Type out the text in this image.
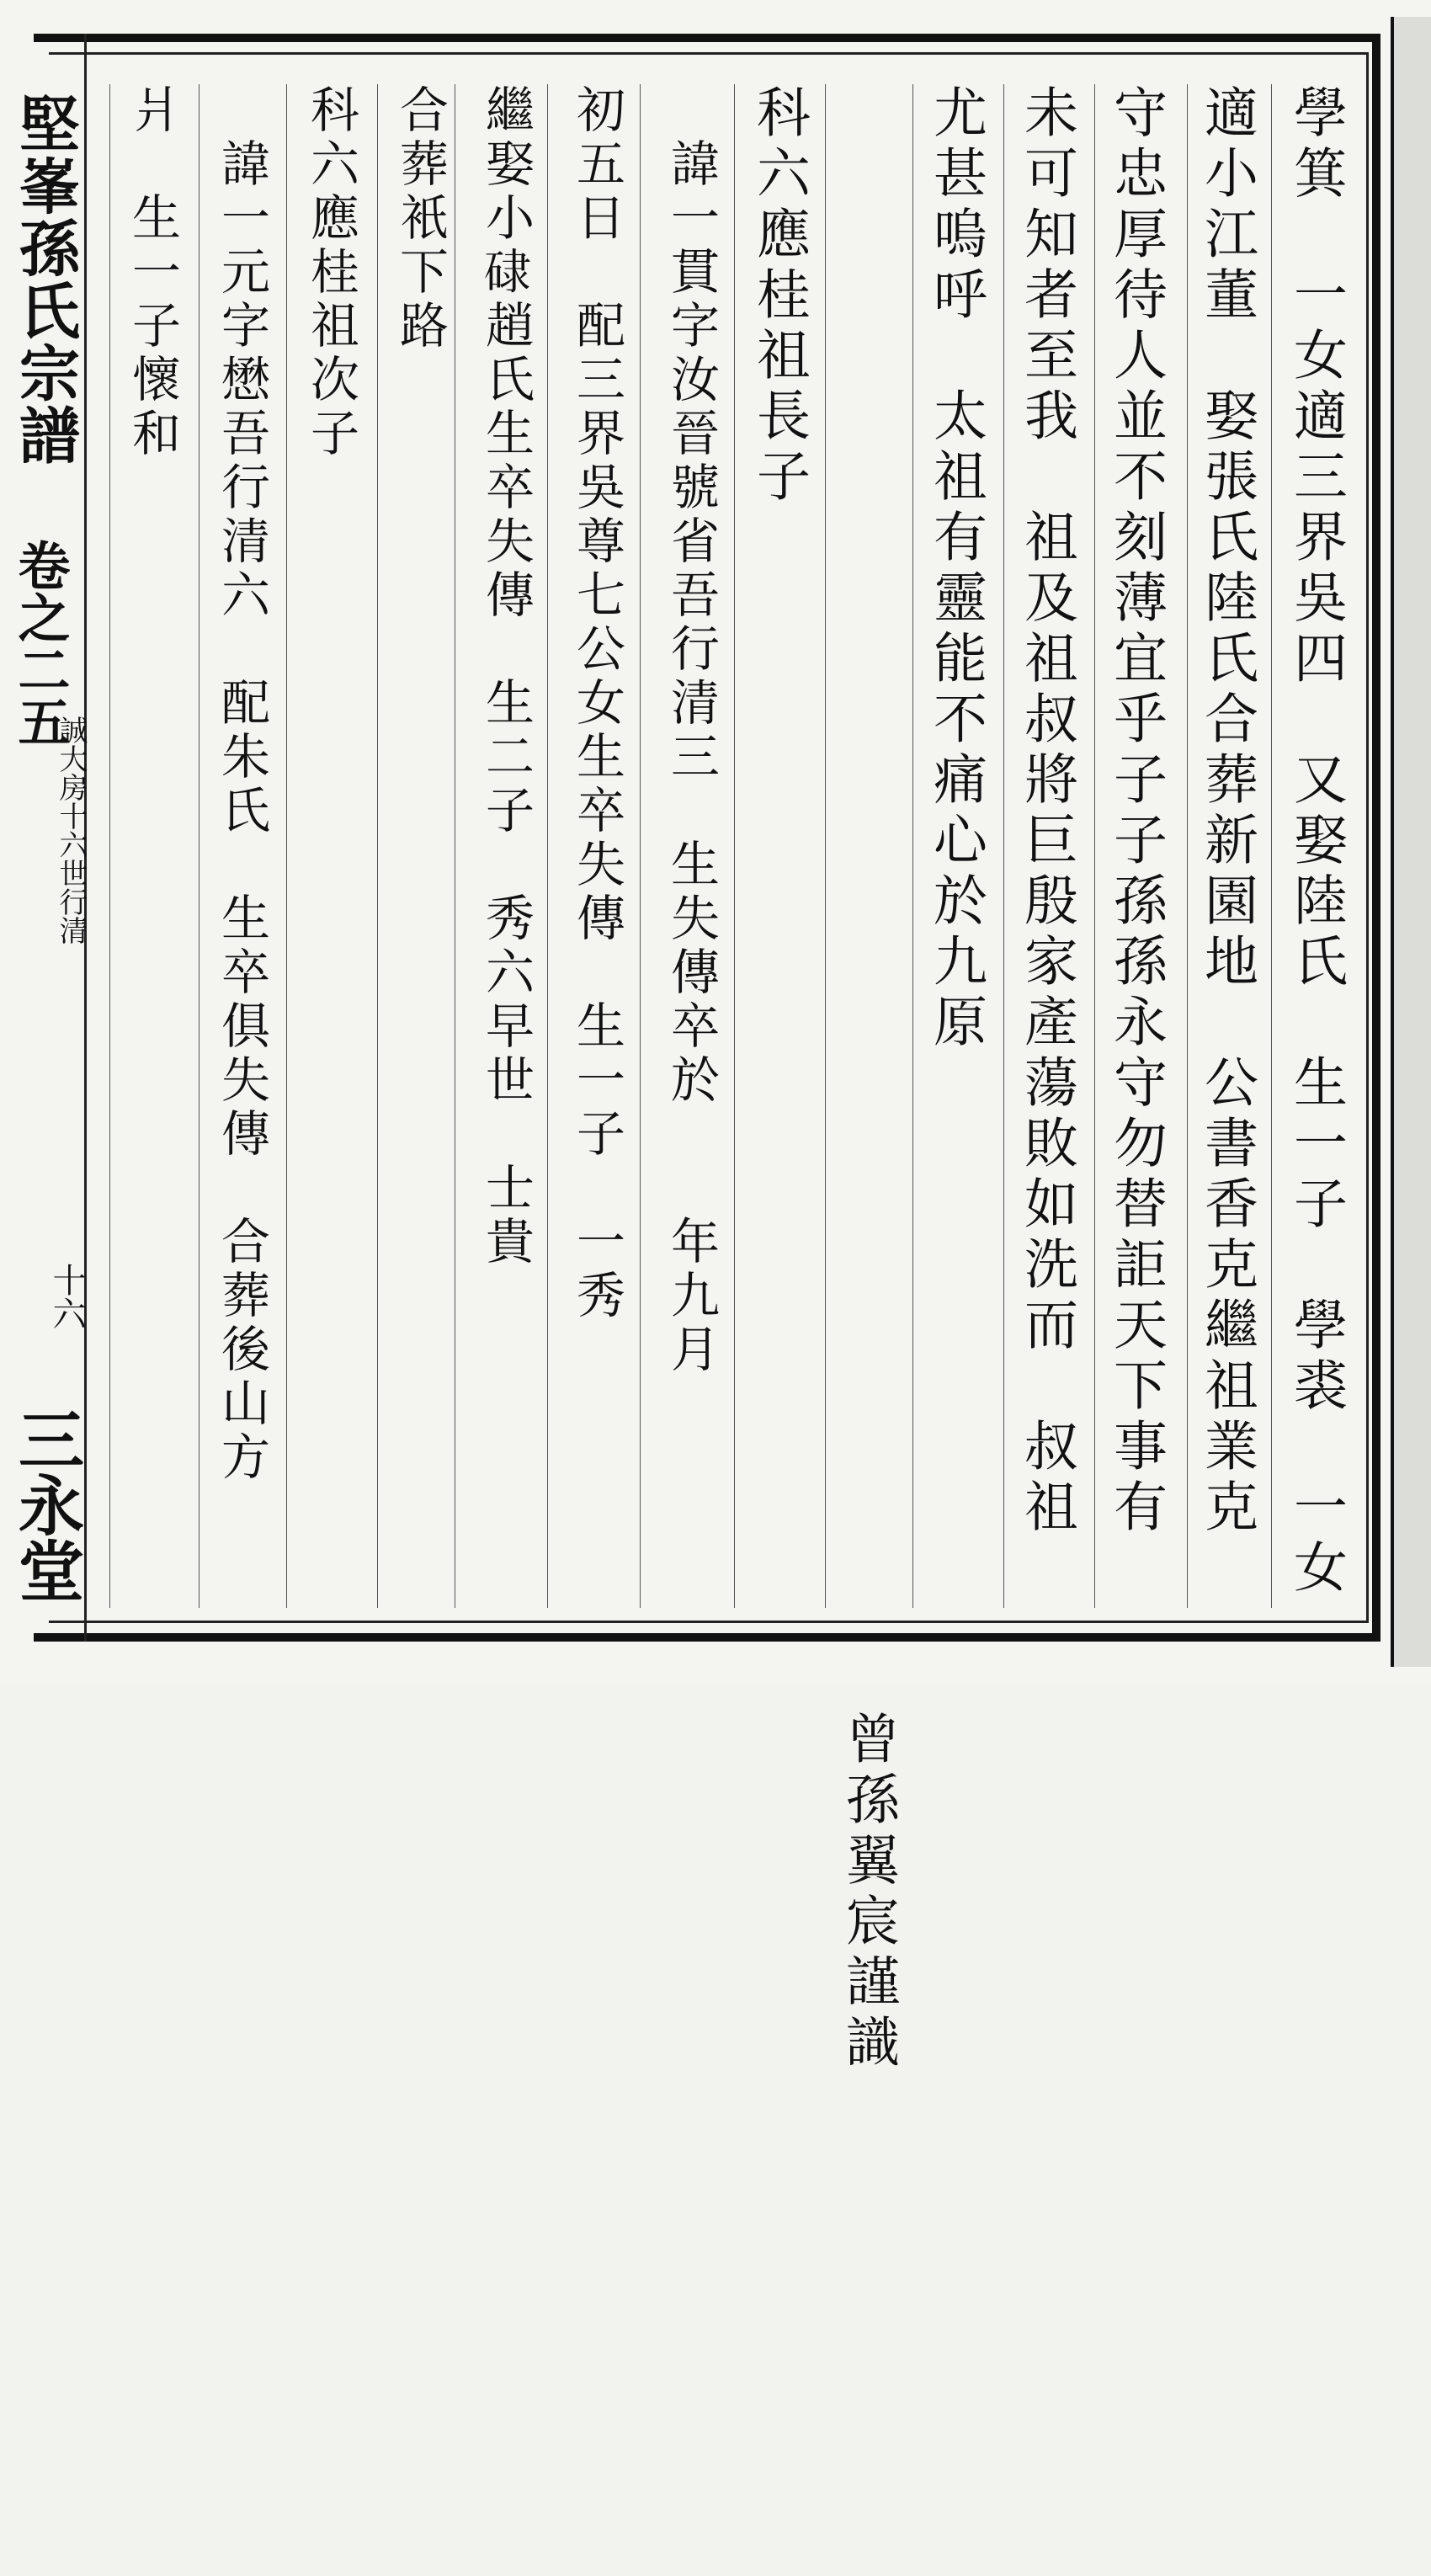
堅峯孫氏宗譜
卷之二五
誠大房十六世行清
十六
三永堂	學箕　一女適三界吳四　又娶陸氏　生一子　學裘　一女
適小江董　娶張氏陸氏合葬新園地　公書香克繼祖業克
守忠厚待人並不刻薄宜乎子子孫孫永守勿替詎天下事有
未可知者至我　祖及祖叔將巨殷家產蕩敗如洗而　叔祖
尤甚嗚呼　太祖有靈能不痛心於九原
　　　　　　　　　　　曾孫翼宸謹識
科六應桂祖長子
　諱一貫字汝晉號省吾行清三　生失傳卒於　　年九月
初五日　配三界吳尊七公女生卒失傳　生一子　一秀
繼娶小𥓏趙氏生卒失傳　生二子　秀六早世　士貴
合葬衹下路
科六應桂祖次子
　諱一元字懋吾行清六　配朱氏　生卒俱失傳　合葬後山方
爿　生一子懷和
